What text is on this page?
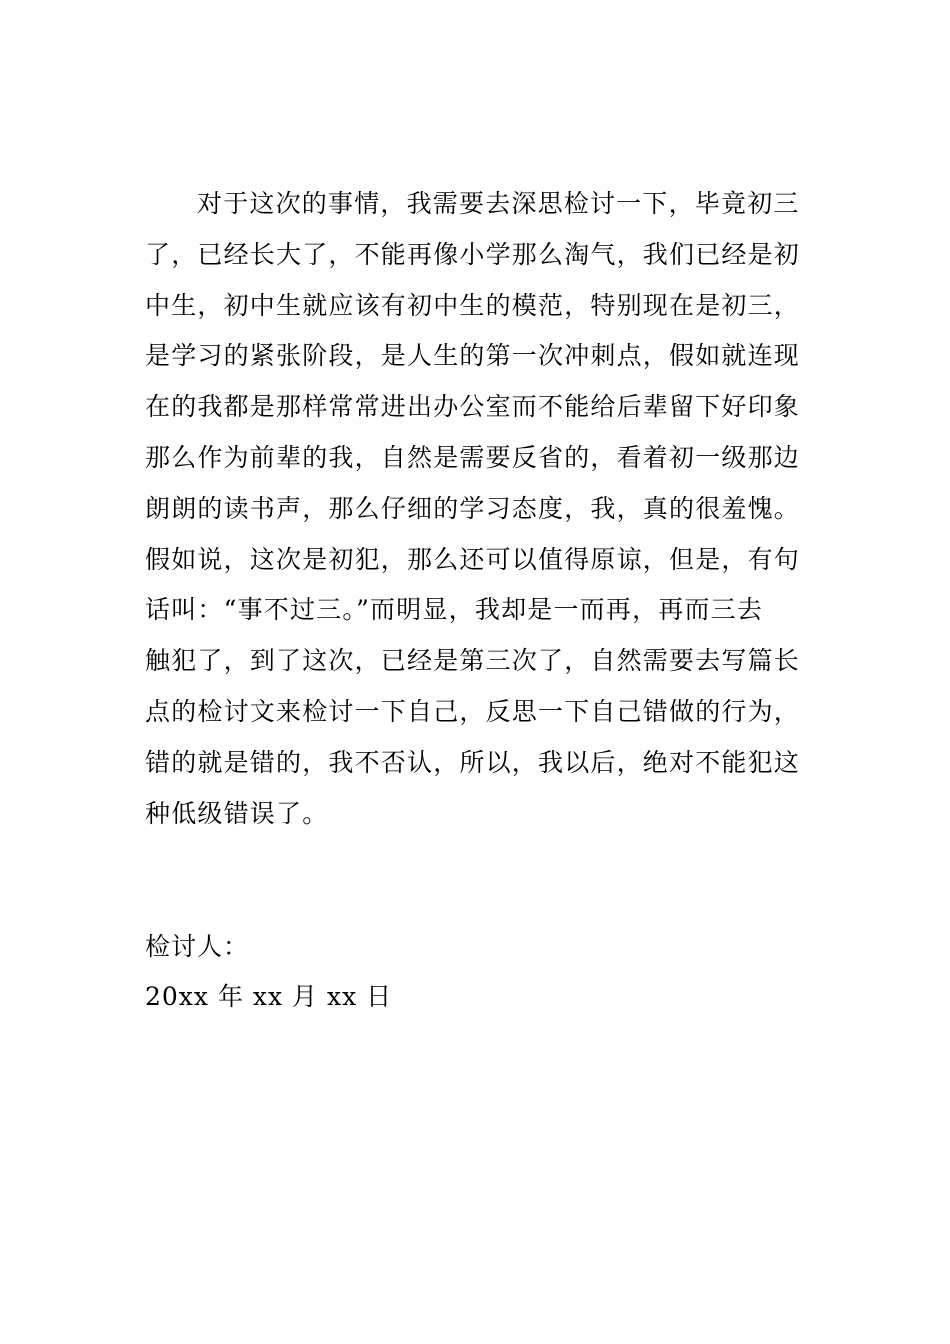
对于这次的事情，我需要去深思检讨一下，毕竟初三
了，已经长大了，不能再像小学那么淘气，我们已经是初
中生，初中生就应该有初中生的模范，特别现在是初三，
是学习的紧张阶段，是人生的第一次冲刺点，假如就连现
在的我都是那样常常进出办公室而不能给后辈留下好印象
那么作为前辈的我，自然是需要反省的，看着初一级那边
朗朗的读书声，那么仔细的学习态度，我，真的很羞愧。
假如说，这次是初犯，那么还可以值得原谅，但是，有句
话叫：“事不过三。”而明显，我却是一而再，再而三去
触犯了，到了这次，已经是第三次了，自然需要去写篇长
点的检讨文来检讨一下自己，反思一下自己错做的行为，
错的就是错的，我不否认，所以，我以后，绝对不能犯这
种低级错误了。
检讨人：
20xx 年 xx 月 xx 日
